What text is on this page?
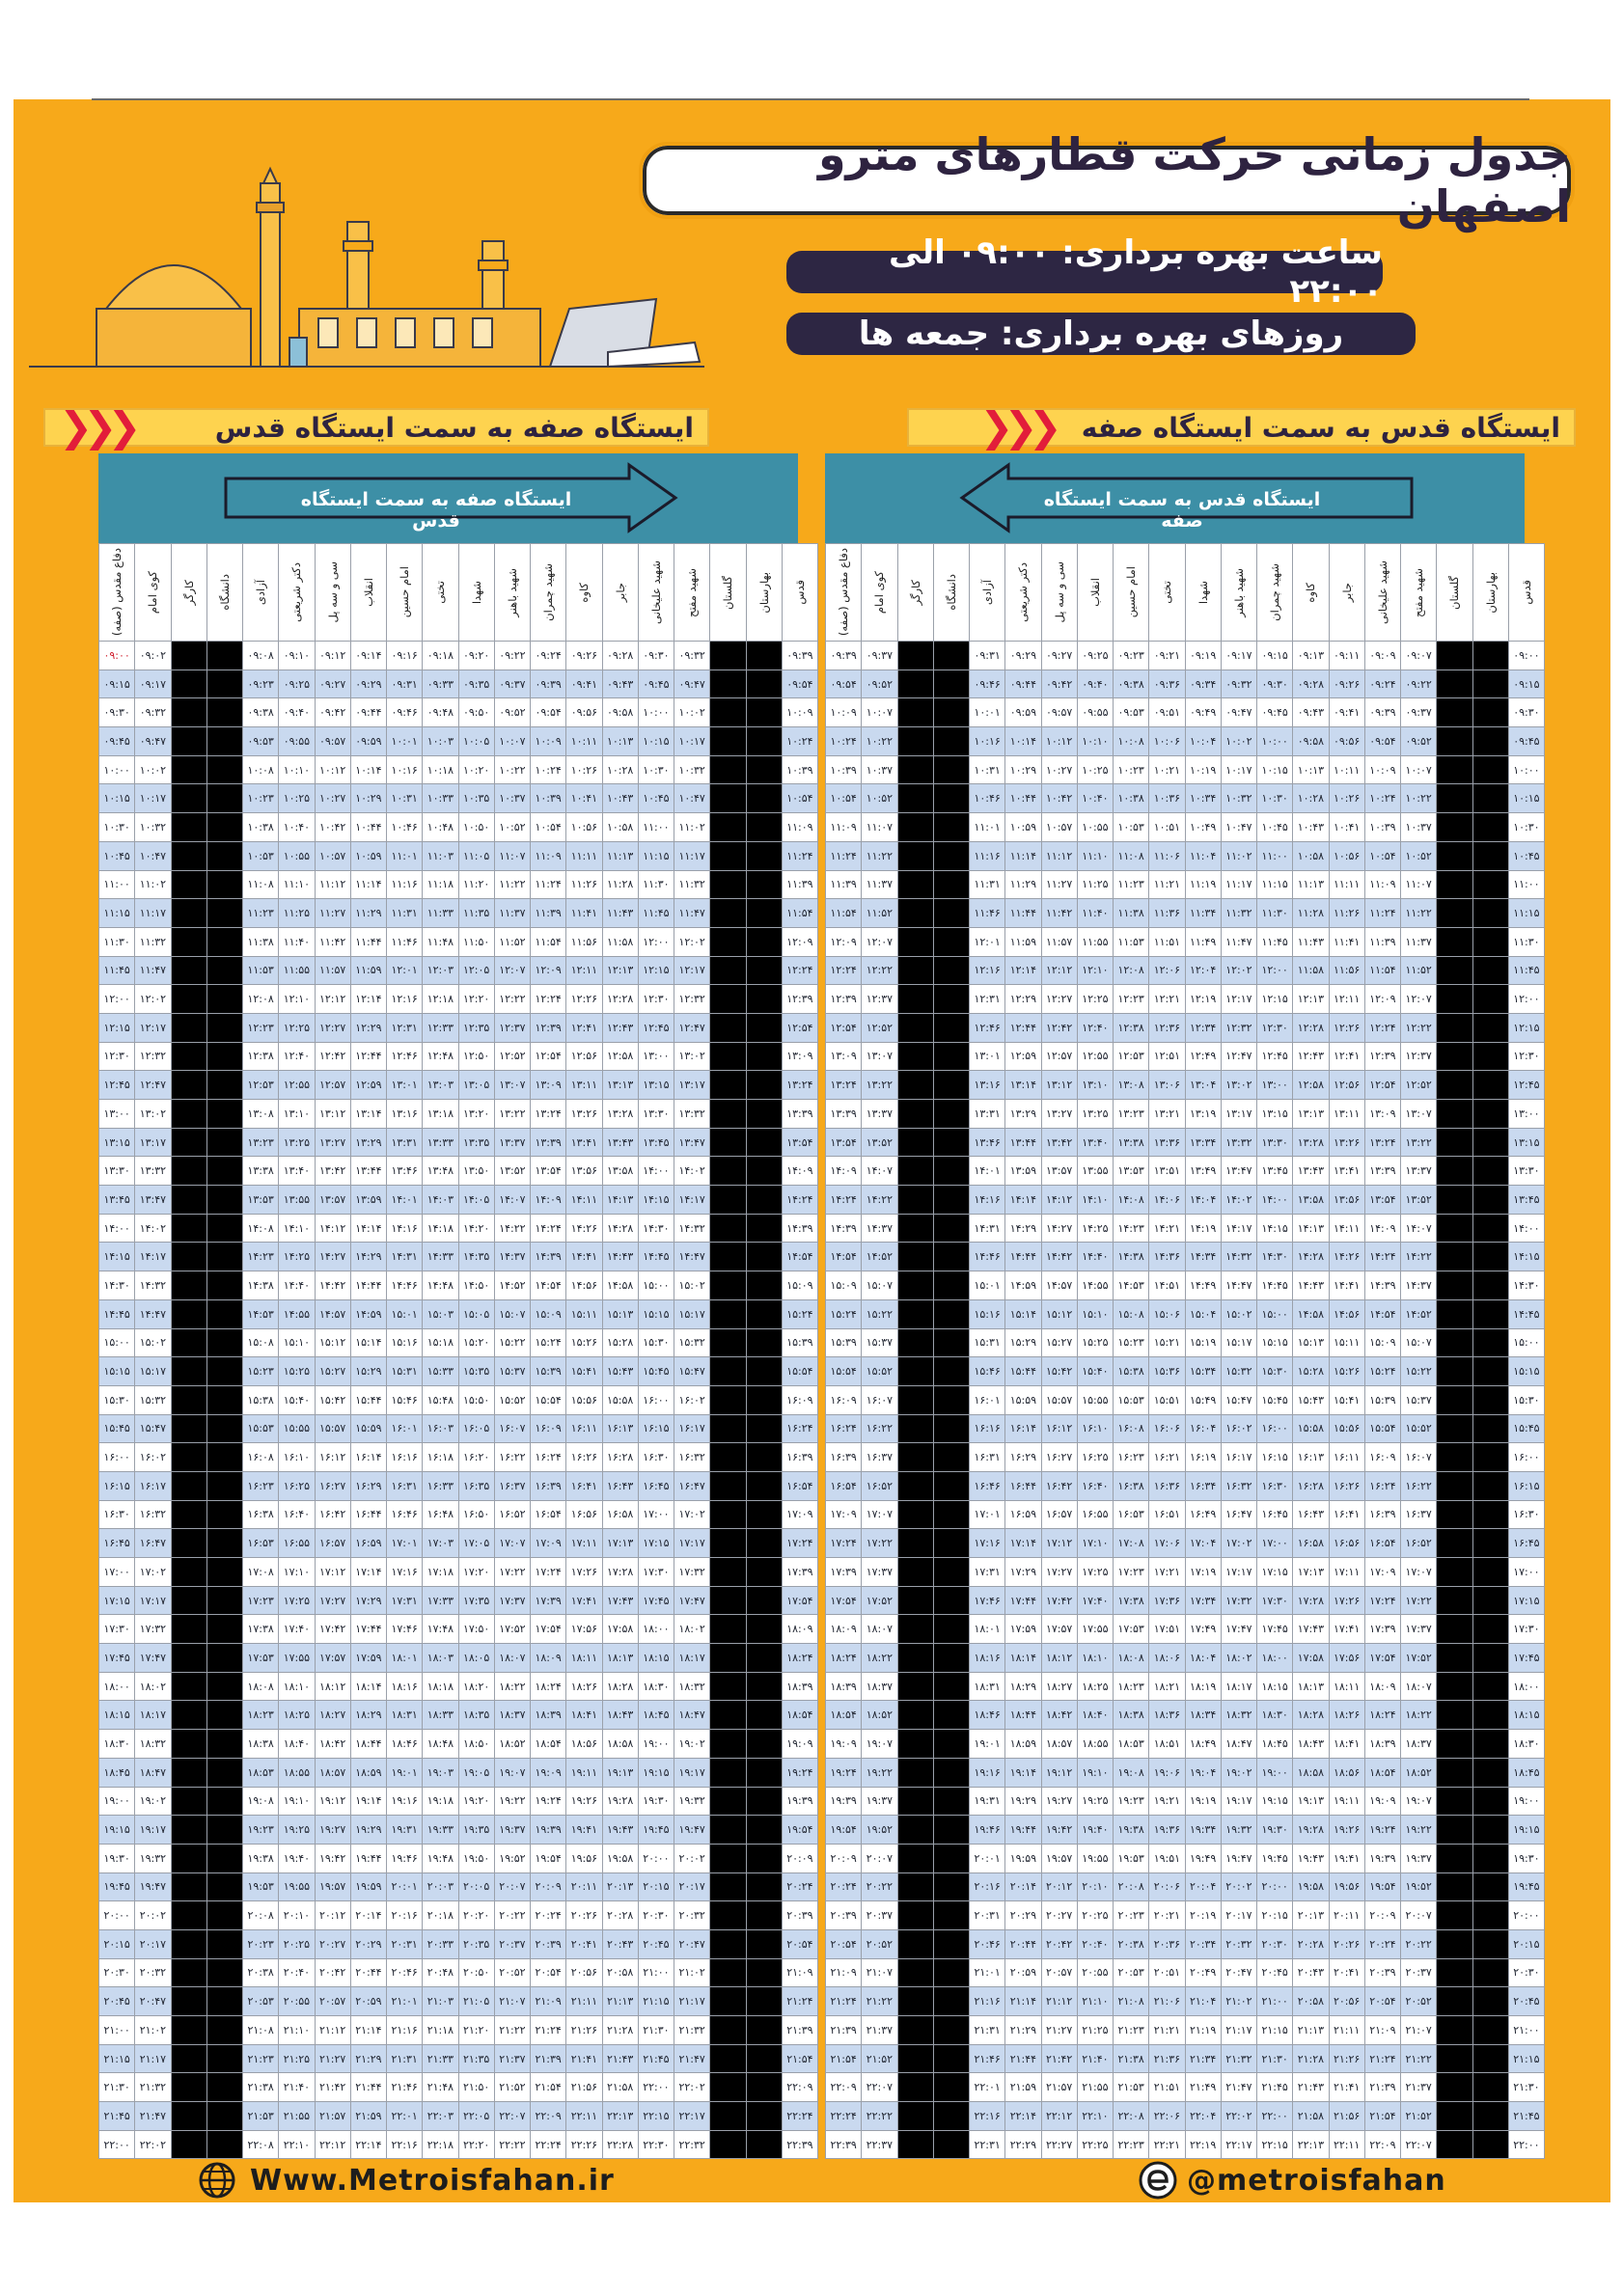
جدول زمانی حرکت قطارهای مترو اصفهان
ساعت بهره برداری: ۰۹:۰۰ الی ۲۲:۰۰
روزهای بهره برداری: جمعه ها
ایستگاه صفه به سمت ایستگاه قدس
❮❮❮	ایستگاه قدس به سمت ایستگاه صفه
❮❮❮
ایستگاه صفه به سمت ایستگاه قدس
دفاع مقدس (صفه)	کوی امام	کارگر	دانشگاه	آزادی	دکتر شریعتی	سی و سه پل	انقلاب	امام حسین	تختی	شهدا	شهید باهنر	شهید چمران	کاوه	جابر	شهید علیخانی	شهید مفتح	گلستان	بهارستان	قدس

۰۹:۰۰	۰۹:۰۲			۰۹:۰۸	۰۹:۱۰	۰۹:۱۲	۰۹:۱۴	۰۹:۱۶	۰۹:۱۸	۰۹:۲۰	۰۹:۲۲	۰۹:۲۴	۰۹:۲۶	۰۹:۲۸	۰۹:۳۰	۰۹:۳۲			۰۹:۳۹
۰۹:۱۵	۰۹:۱۷			۰۹:۲۳	۰۹:۲۵	۰۹:۲۷	۰۹:۲۹	۰۹:۳۱	۰۹:۳۳	۰۹:۳۵	۰۹:۳۷	۰۹:۳۹	۰۹:۴۱	۰۹:۴۳	۰۹:۴۵	۰۹:۴۷			۰۹:۵۴
۰۹:۳۰	۰۹:۳۲			۰۹:۳۸	۰۹:۴۰	۰۹:۴۲	۰۹:۴۴	۰۹:۴۶	۰۹:۴۸	۰۹:۵۰	۰۹:۵۲	۰۹:۵۴	۰۹:۵۶	۰۹:۵۸	۱۰:۰۰	۱۰:۰۲			۱۰:۰۹
۰۹:۴۵	۰۹:۴۷			۰۹:۵۳	۰۹:۵۵	۰۹:۵۷	۰۹:۵۹	۱۰:۰۱	۱۰:۰۳	۱۰:۰۵	۱۰:۰۷	۱۰:۰۹	۱۰:۱۱	۱۰:۱۳	۱۰:۱۵	۱۰:۱۷			۱۰:۲۴
۱۰:۰۰	۱۰:۰۲			۱۰:۰۸	۱۰:۱۰	۱۰:۱۲	۱۰:۱۴	۱۰:۱۶	۱۰:۱۸	۱۰:۲۰	۱۰:۲۲	۱۰:۲۴	۱۰:۲۶	۱۰:۲۸	۱۰:۳۰	۱۰:۳۲			۱۰:۳۹
۱۰:۱۵	۱۰:۱۷			۱۰:۲۳	۱۰:۲۵	۱۰:۲۷	۱۰:۲۹	۱۰:۳۱	۱۰:۳۳	۱۰:۳۵	۱۰:۳۷	۱۰:۳۹	۱۰:۴۱	۱۰:۴۳	۱۰:۴۵	۱۰:۴۷			۱۰:۵۴
۱۰:۳۰	۱۰:۳۲			۱۰:۳۸	۱۰:۴۰	۱۰:۴۲	۱۰:۴۴	۱۰:۴۶	۱۰:۴۸	۱۰:۵۰	۱۰:۵۲	۱۰:۵۴	۱۰:۵۶	۱۰:۵۸	۱۱:۰۰	۱۱:۰۲			۱۱:۰۹
۱۰:۴۵	۱۰:۴۷			۱۰:۵۳	۱۰:۵۵	۱۰:۵۷	۱۰:۵۹	۱۱:۰۱	۱۱:۰۳	۱۱:۰۵	۱۱:۰۷	۱۱:۰۹	۱۱:۱۱	۱۱:۱۳	۱۱:۱۵	۱۱:۱۷			۱۱:۲۴
۱۱:۰۰	۱۱:۰۲			۱۱:۰۸	۱۱:۱۰	۱۱:۱۲	۱۱:۱۴	۱۱:۱۶	۱۱:۱۸	۱۱:۲۰	۱۱:۲۲	۱۱:۲۴	۱۱:۲۶	۱۱:۲۸	۱۱:۳۰	۱۱:۳۲			۱۱:۳۹
۱۱:۱۵	۱۱:۱۷			۱۱:۲۳	۱۱:۲۵	۱۱:۲۷	۱۱:۲۹	۱۱:۳۱	۱۱:۳۳	۱۱:۳۵	۱۱:۳۷	۱۱:۳۹	۱۱:۴۱	۱۱:۴۳	۱۱:۴۵	۱۱:۴۷			۱۱:۵۴
۱۱:۳۰	۱۱:۳۲			۱۱:۳۸	۱۱:۴۰	۱۱:۴۲	۱۱:۴۴	۱۱:۴۶	۱۱:۴۸	۱۱:۵۰	۱۱:۵۲	۱۱:۵۴	۱۱:۵۶	۱۱:۵۸	۱۲:۰۰	۱۲:۰۲			۱۲:۰۹
۱۱:۴۵	۱۱:۴۷			۱۱:۵۳	۱۱:۵۵	۱۱:۵۷	۱۱:۵۹	۱۲:۰۱	۱۲:۰۳	۱۲:۰۵	۱۲:۰۷	۱۲:۰۹	۱۲:۱۱	۱۲:۱۳	۱۲:۱۵	۱۲:۱۷			۱۲:۲۴
۱۲:۰۰	۱۲:۰۲			۱۲:۰۸	۱۲:۱۰	۱۲:۱۲	۱۲:۱۴	۱۲:۱۶	۱۲:۱۸	۱۲:۲۰	۱۲:۲۲	۱۲:۲۴	۱۲:۲۶	۱۲:۲۸	۱۲:۳۰	۱۲:۳۲			۱۲:۳۹
۱۲:۱۵	۱۲:۱۷			۱۲:۲۳	۱۲:۲۵	۱۲:۲۷	۱۲:۲۹	۱۲:۳۱	۱۲:۳۳	۱۲:۳۵	۱۲:۳۷	۱۲:۳۹	۱۲:۴۱	۱۲:۴۳	۱۲:۴۵	۱۲:۴۷			۱۲:۵۴
۱۲:۳۰	۱۲:۳۲			۱۲:۳۸	۱۲:۴۰	۱۲:۴۲	۱۲:۴۴	۱۲:۴۶	۱۲:۴۸	۱۲:۵۰	۱۲:۵۲	۱۲:۵۴	۱۲:۵۶	۱۲:۵۸	۱۳:۰۰	۱۳:۰۲			۱۳:۰۹
۱۲:۴۵	۱۲:۴۷			۱۲:۵۳	۱۲:۵۵	۱۲:۵۷	۱۲:۵۹	۱۳:۰۱	۱۳:۰۳	۱۳:۰۵	۱۳:۰۷	۱۳:۰۹	۱۳:۱۱	۱۳:۱۳	۱۳:۱۵	۱۳:۱۷			۱۳:۲۴
۱۳:۰۰	۱۳:۰۲			۱۳:۰۸	۱۳:۱۰	۱۳:۱۲	۱۳:۱۴	۱۳:۱۶	۱۳:۱۸	۱۳:۲۰	۱۳:۲۲	۱۳:۲۴	۱۳:۲۶	۱۳:۲۸	۱۳:۳۰	۱۳:۳۲			۱۳:۳۹
۱۳:۱۵	۱۳:۱۷			۱۳:۲۳	۱۳:۲۵	۱۳:۲۷	۱۳:۲۹	۱۳:۳۱	۱۳:۳۳	۱۳:۳۵	۱۳:۳۷	۱۳:۳۹	۱۳:۴۱	۱۳:۴۳	۱۳:۴۵	۱۳:۴۷			۱۳:۵۴
۱۳:۳۰	۱۳:۳۲			۱۳:۳۸	۱۳:۴۰	۱۳:۴۲	۱۳:۴۴	۱۳:۴۶	۱۳:۴۸	۱۳:۵۰	۱۳:۵۲	۱۳:۵۴	۱۳:۵۶	۱۳:۵۸	۱۴:۰۰	۱۴:۰۲			۱۴:۰۹
۱۳:۴۵	۱۳:۴۷			۱۳:۵۳	۱۳:۵۵	۱۳:۵۷	۱۳:۵۹	۱۴:۰۱	۱۴:۰۳	۱۴:۰۵	۱۴:۰۷	۱۴:۰۹	۱۴:۱۱	۱۴:۱۳	۱۴:۱۵	۱۴:۱۷			۱۴:۲۴
۱۴:۰۰	۱۴:۰۲			۱۴:۰۸	۱۴:۱۰	۱۴:۱۲	۱۴:۱۴	۱۴:۱۶	۱۴:۱۸	۱۴:۲۰	۱۴:۲۲	۱۴:۲۴	۱۴:۲۶	۱۴:۲۸	۱۴:۳۰	۱۴:۳۲			۱۴:۳۹
۱۴:۱۵	۱۴:۱۷			۱۴:۲۳	۱۴:۲۵	۱۴:۲۷	۱۴:۲۹	۱۴:۳۱	۱۴:۳۳	۱۴:۳۵	۱۴:۳۷	۱۴:۳۹	۱۴:۴۱	۱۴:۴۳	۱۴:۴۵	۱۴:۴۷			۱۴:۵۴
۱۴:۳۰	۱۴:۳۲			۱۴:۳۸	۱۴:۴۰	۱۴:۴۲	۱۴:۴۴	۱۴:۴۶	۱۴:۴۸	۱۴:۵۰	۱۴:۵۲	۱۴:۵۴	۱۴:۵۶	۱۴:۵۸	۱۵:۰۰	۱۵:۰۲			۱۵:۰۹
۱۴:۴۵	۱۴:۴۷			۱۴:۵۳	۱۴:۵۵	۱۴:۵۷	۱۴:۵۹	۱۵:۰۱	۱۵:۰۳	۱۵:۰۵	۱۵:۰۷	۱۵:۰۹	۱۵:۱۱	۱۵:۱۳	۱۵:۱۵	۱۵:۱۷			۱۵:۲۴
۱۵:۰۰	۱۵:۰۲			۱۵:۰۸	۱۵:۱۰	۱۵:۱۲	۱۵:۱۴	۱۵:۱۶	۱۵:۱۸	۱۵:۲۰	۱۵:۲۲	۱۵:۲۴	۱۵:۲۶	۱۵:۲۸	۱۵:۳۰	۱۵:۳۲			۱۵:۳۹
۱۵:۱۵	۱۵:۱۷			۱۵:۲۳	۱۵:۲۵	۱۵:۲۷	۱۵:۲۹	۱۵:۳۱	۱۵:۳۳	۱۵:۳۵	۱۵:۳۷	۱۵:۳۹	۱۵:۴۱	۱۵:۴۳	۱۵:۴۵	۱۵:۴۷			۱۵:۵۴
۱۵:۳۰	۱۵:۳۲			۱۵:۳۸	۱۵:۴۰	۱۵:۴۲	۱۵:۴۴	۱۵:۴۶	۱۵:۴۸	۱۵:۵۰	۱۵:۵۲	۱۵:۵۴	۱۵:۵۶	۱۵:۵۸	۱۶:۰۰	۱۶:۰۲			۱۶:۰۹
۱۵:۴۵	۱۵:۴۷			۱۵:۵۳	۱۵:۵۵	۱۵:۵۷	۱۵:۵۹	۱۶:۰۱	۱۶:۰۳	۱۶:۰۵	۱۶:۰۷	۱۶:۰۹	۱۶:۱۱	۱۶:۱۳	۱۶:۱۵	۱۶:۱۷			۱۶:۲۴
۱۶:۰۰	۱۶:۰۲			۱۶:۰۸	۱۶:۱۰	۱۶:۱۲	۱۶:۱۴	۱۶:۱۶	۱۶:۱۸	۱۶:۲۰	۱۶:۲۲	۱۶:۲۴	۱۶:۲۶	۱۶:۲۸	۱۶:۳۰	۱۶:۳۲			۱۶:۳۹
۱۶:۱۵	۱۶:۱۷			۱۶:۲۳	۱۶:۲۵	۱۶:۲۷	۱۶:۲۹	۱۶:۳۱	۱۶:۳۳	۱۶:۳۵	۱۶:۳۷	۱۶:۳۹	۱۶:۴۱	۱۶:۴۳	۱۶:۴۵	۱۶:۴۷			۱۶:۵۴
۱۶:۳۰	۱۶:۳۲			۱۶:۳۸	۱۶:۴۰	۱۶:۴۲	۱۶:۴۴	۱۶:۴۶	۱۶:۴۸	۱۶:۵۰	۱۶:۵۲	۱۶:۵۴	۱۶:۵۶	۱۶:۵۸	۱۷:۰۰	۱۷:۰۲			۱۷:۰۹
۱۶:۴۵	۱۶:۴۷			۱۶:۵۳	۱۶:۵۵	۱۶:۵۷	۱۶:۵۹	۱۷:۰۱	۱۷:۰۳	۱۷:۰۵	۱۷:۰۷	۱۷:۰۹	۱۷:۱۱	۱۷:۱۳	۱۷:۱۵	۱۷:۱۷			۱۷:۲۴
۱۷:۰۰	۱۷:۰۲			۱۷:۰۸	۱۷:۱۰	۱۷:۱۲	۱۷:۱۴	۱۷:۱۶	۱۷:۱۸	۱۷:۲۰	۱۷:۲۲	۱۷:۲۴	۱۷:۲۶	۱۷:۲۸	۱۷:۳۰	۱۷:۳۲			۱۷:۳۹
۱۷:۱۵	۱۷:۱۷			۱۷:۲۳	۱۷:۲۵	۱۷:۲۷	۱۷:۲۹	۱۷:۳۱	۱۷:۳۳	۱۷:۳۵	۱۷:۳۷	۱۷:۳۹	۱۷:۴۱	۱۷:۴۳	۱۷:۴۵	۱۷:۴۷			۱۷:۵۴
۱۷:۳۰	۱۷:۳۲			۱۷:۳۸	۱۷:۴۰	۱۷:۴۲	۱۷:۴۴	۱۷:۴۶	۱۷:۴۸	۱۷:۵۰	۱۷:۵۲	۱۷:۵۴	۱۷:۵۶	۱۷:۵۸	۱۸:۰۰	۱۸:۰۲			۱۸:۰۹
۱۷:۴۵	۱۷:۴۷			۱۷:۵۳	۱۷:۵۵	۱۷:۵۷	۱۷:۵۹	۱۸:۰۱	۱۸:۰۳	۱۸:۰۵	۱۸:۰۷	۱۸:۰۹	۱۸:۱۱	۱۸:۱۳	۱۸:۱۵	۱۸:۱۷			۱۸:۲۴
۱۸:۰۰	۱۸:۰۲			۱۸:۰۸	۱۸:۱۰	۱۸:۱۲	۱۸:۱۴	۱۸:۱۶	۱۸:۱۸	۱۸:۲۰	۱۸:۲۲	۱۸:۲۴	۱۸:۲۶	۱۸:۲۸	۱۸:۳۰	۱۸:۳۲			۱۸:۳۹
۱۸:۱۵	۱۸:۱۷			۱۸:۲۳	۱۸:۲۵	۱۸:۲۷	۱۸:۲۹	۱۸:۳۱	۱۸:۳۳	۱۸:۳۵	۱۸:۳۷	۱۸:۳۹	۱۸:۴۱	۱۸:۴۳	۱۸:۴۵	۱۸:۴۷			۱۸:۵۴
۱۸:۳۰	۱۸:۳۲			۱۸:۳۸	۱۸:۴۰	۱۸:۴۲	۱۸:۴۴	۱۸:۴۶	۱۸:۴۸	۱۸:۵۰	۱۸:۵۲	۱۸:۵۴	۱۸:۵۶	۱۸:۵۸	۱۹:۰۰	۱۹:۰۲			۱۹:۰۹
۱۸:۴۵	۱۸:۴۷			۱۸:۵۳	۱۸:۵۵	۱۸:۵۷	۱۸:۵۹	۱۹:۰۱	۱۹:۰۳	۱۹:۰۵	۱۹:۰۷	۱۹:۰۹	۱۹:۱۱	۱۹:۱۳	۱۹:۱۵	۱۹:۱۷			۱۹:۲۴
۱۹:۰۰	۱۹:۰۲			۱۹:۰۸	۱۹:۱۰	۱۹:۱۲	۱۹:۱۴	۱۹:۱۶	۱۹:۱۸	۱۹:۲۰	۱۹:۲۲	۱۹:۲۴	۱۹:۲۶	۱۹:۲۸	۱۹:۳۰	۱۹:۳۲			۱۹:۳۹
۱۹:۱۵	۱۹:۱۷			۱۹:۲۳	۱۹:۲۵	۱۹:۲۷	۱۹:۲۹	۱۹:۳۱	۱۹:۳۳	۱۹:۳۵	۱۹:۳۷	۱۹:۳۹	۱۹:۴۱	۱۹:۴۳	۱۹:۴۵	۱۹:۴۷			۱۹:۵۴
۱۹:۳۰	۱۹:۳۲			۱۹:۳۸	۱۹:۴۰	۱۹:۴۲	۱۹:۴۴	۱۹:۴۶	۱۹:۴۸	۱۹:۵۰	۱۹:۵۲	۱۹:۵۴	۱۹:۵۶	۱۹:۵۸	۲۰:۰۰	۲۰:۰۲			۲۰:۰۹
۱۹:۴۵	۱۹:۴۷			۱۹:۵۳	۱۹:۵۵	۱۹:۵۷	۱۹:۵۹	۲۰:۰۱	۲۰:۰۳	۲۰:۰۵	۲۰:۰۷	۲۰:۰۹	۲۰:۱۱	۲۰:۱۳	۲۰:۱۵	۲۰:۱۷			۲۰:۲۴
۲۰:۰۰	۲۰:۰۲			۲۰:۰۸	۲۰:۱۰	۲۰:۱۲	۲۰:۱۴	۲۰:۱۶	۲۰:۱۸	۲۰:۲۰	۲۰:۲۲	۲۰:۲۴	۲۰:۲۶	۲۰:۲۸	۲۰:۳۰	۲۰:۳۲			۲۰:۳۹
۲۰:۱۵	۲۰:۱۷			۲۰:۲۳	۲۰:۲۵	۲۰:۲۷	۲۰:۲۹	۲۰:۳۱	۲۰:۳۳	۲۰:۳۵	۲۰:۳۷	۲۰:۳۹	۲۰:۴۱	۲۰:۴۳	۲۰:۴۵	۲۰:۴۷			۲۰:۵۴
۲۰:۳۰	۲۰:۳۲			۲۰:۳۸	۲۰:۴۰	۲۰:۴۲	۲۰:۴۴	۲۰:۴۶	۲۰:۴۸	۲۰:۵۰	۲۰:۵۲	۲۰:۵۴	۲۰:۵۶	۲۰:۵۸	۲۱:۰۰	۲۱:۰۲			۲۱:۰۹
۲۰:۴۵	۲۰:۴۷			۲۰:۵۳	۲۰:۵۵	۲۰:۵۷	۲۰:۵۹	۲۱:۰۱	۲۱:۰۳	۲۱:۰۵	۲۱:۰۷	۲۱:۰۹	۲۱:۱۱	۲۱:۱۳	۲۱:۱۵	۲۱:۱۷			۲۱:۲۴
۲۱:۰۰	۲۱:۰۲			۲۱:۰۸	۲۱:۱۰	۲۱:۱۲	۲۱:۱۴	۲۱:۱۶	۲۱:۱۸	۲۱:۲۰	۲۱:۲۲	۲۱:۲۴	۲۱:۲۶	۲۱:۲۸	۲۱:۳۰	۲۱:۳۲			۲۱:۳۹
۲۱:۱۵	۲۱:۱۷			۲۱:۲۳	۲۱:۲۵	۲۱:۲۷	۲۱:۲۹	۲۱:۳۱	۲۱:۳۳	۲۱:۳۵	۲۱:۳۷	۲۱:۳۹	۲۱:۴۱	۲۱:۴۳	۲۱:۴۵	۲۱:۴۷			۲۱:۵۴
۲۱:۳۰	۲۱:۳۲			۲۱:۳۸	۲۱:۴۰	۲۱:۴۲	۲۱:۴۴	۲۱:۴۶	۲۱:۴۸	۲۱:۵۰	۲۱:۵۲	۲۱:۵۴	۲۱:۵۶	۲۱:۵۸	۲۲:۰۰	۲۲:۰۲			۲۲:۰۹
۲۱:۴۵	۲۱:۴۷			۲۱:۵۳	۲۱:۵۵	۲۱:۵۷	۲۱:۵۹	۲۲:۰۱	۲۲:۰۳	۲۲:۰۵	۲۲:۰۷	۲۲:۰۹	۲۲:۱۱	۲۲:۱۳	۲۲:۱۵	۲۲:۱۷			۲۲:۲۴
۲۲:۰۰	۲۲:۰۲			۲۲:۰۸	۲۲:۱۰	۲۲:۱۲	۲۲:۱۴	۲۲:۱۶	۲۲:۱۸	۲۲:۲۰	۲۲:۲۲	۲۲:۲۴	۲۲:۲۶	۲۲:۲۸	۲۲:۳۰	۲۲:۳۲			۲۲:۳۹
ایستگاه قدس به سمت ایستگاه صفه
دفاع مقدس (صفه)	کوی امام	کارگر	دانشگاه	آزادی	دکتر شریعتی	سی و سه پل	انقلاب	امام حسین	تختی	شهدا	شهید باهنر	شهید چمران	کاوه	جابر	شهید علیخانی	شهید مفتح	گلستان	بهارستان	قدس

۰۹:۳۹	۰۹:۳۷			۰۹:۳۱	۰۹:۲۹	۰۹:۲۷	۰۹:۲۵	۰۹:۲۳	۰۹:۲۱	۰۹:۱۹	۰۹:۱۷	۰۹:۱۵	۰۹:۱۳	۰۹:۱۱	۰۹:۰۹	۰۹:۰۷			۰۹:۰۰
۰۹:۵۴	۰۹:۵۲			۰۹:۴۶	۰۹:۴۴	۰۹:۴۲	۰۹:۴۰	۰۹:۳۸	۰۹:۳۶	۰۹:۳۴	۰۹:۳۲	۰۹:۳۰	۰۹:۲۸	۰۹:۲۶	۰۹:۲۴	۰۹:۲۲			۰۹:۱۵
۱۰:۰۹	۱۰:۰۷			۱۰:۰۱	۰۹:۵۹	۰۹:۵۷	۰۹:۵۵	۰۹:۵۳	۰۹:۵۱	۰۹:۴۹	۰۹:۴۷	۰۹:۴۵	۰۹:۴۳	۰۹:۴۱	۰۹:۳۹	۰۹:۳۷			۰۹:۳۰
۱۰:۲۴	۱۰:۲۲			۱۰:۱۶	۱۰:۱۴	۱۰:۱۲	۱۰:۱۰	۱۰:۰۸	۱۰:۰۶	۱۰:۰۴	۱۰:۰۲	۱۰:۰۰	۰۹:۵۸	۰۹:۵۶	۰۹:۵۴	۰۹:۵۲			۰۹:۴۵
۱۰:۳۹	۱۰:۳۷			۱۰:۳۱	۱۰:۲۹	۱۰:۲۷	۱۰:۲۵	۱۰:۲۳	۱۰:۲۱	۱۰:۱۹	۱۰:۱۷	۱۰:۱۵	۱۰:۱۳	۱۰:۱۱	۱۰:۰۹	۱۰:۰۷			۱۰:۰۰
۱۰:۵۴	۱۰:۵۲			۱۰:۴۶	۱۰:۴۴	۱۰:۴۲	۱۰:۴۰	۱۰:۳۸	۱۰:۳۶	۱۰:۳۴	۱۰:۳۲	۱۰:۳۰	۱۰:۲۸	۱۰:۲۶	۱۰:۲۴	۱۰:۲۲			۱۰:۱۵
۱۱:۰۹	۱۱:۰۷			۱۱:۰۱	۱۰:۵۹	۱۰:۵۷	۱۰:۵۵	۱۰:۵۳	۱۰:۵۱	۱۰:۴۹	۱۰:۴۷	۱۰:۴۵	۱۰:۴۳	۱۰:۴۱	۱۰:۳۹	۱۰:۳۷			۱۰:۳۰
۱۱:۲۴	۱۱:۲۲			۱۱:۱۶	۱۱:۱۴	۱۱:۱۲	۱۱:۱۰	۱۱:۰۸	۱۱:۰۶	۱۱:۰۴	۱۱:۰۲	۱۱:۰۰	۱۰:۵۸	۱۰:۵۶	۱۰:۵۴	۱۰:۵۲			۱۰:۴۵
۱۱:۳۹	۱۱:۳۷			۱۱:۳۱	۱۱:۲۹	۱۱:۲۷	۱۱:۲۵	۱۱:۲۳	۱۱:۲۱	۱۱:۱۹	۱۱:۱۷	۱۱:۱۵	۱۱:۱۳	۱۱:۱۱	۱۱:۰۹	۱۱:۰۷			۱۱:۰۰
۱۱:۵۴	۱۱:۵۲			۱۱:۴۶	۱۱:۴۴	۱۱:۴۲	۱۱:۴۰	۱۱:۳۸	۱۱:۳۶	۱۱:۳۴	۱۱:۳۲	۱۱:۳۰	۱۱:۲۸	۱۱:۲۶	۱۱:۲۴	۱۱:۲۲			۱۱:۱۵
۱۲:۰۹	۱۲:۰۷			۱۲:۰۱	۱۱:۵۹	۱۱:۵۷	۱۱:۵۵	۱۱:۵۳	۱۱:۵۱	۱۱:۴۹	۱۱:۴۷	۱۱:۴۵	۱۱:۴۳	۱۱:۴۱	۱۱:۳۹	۱۱:۳۷			۱۱:۳۰
۱۲:۲۴	۱۲:۲۲			۱۲:۱۶	۱۲:۱۴	۱۲:۱۲	۱۲:۱۰	۱۲:۰۸	۱۲:۰۶	۱۲:۰۴	۱۲:۰۲	۱۲:۰۰	۱۱:۵۸	۱۱:۵۶	۱۱:۵۴	۱۱:۵۲			۱۱:۴۵
۱۲:۳۹	۱۲:۳۷			۱۲:۳۱	۱۲:۲۹	۱۲:۲۷	۱۲:۲۵	۱۲:۲۳	۱۲:۲۱	۱۲:۱۹	۱۲:۱۷	۱۲:۱۵	۱۲:۱۳	۱۲:۱۱	۱۲:۰۹	۱۲:۰۷			۱۲:۰۰
۱۲:۵۴	۱۲:۵۲			۱۲:۴۶	۱۲:۴۴	۱۲:۴۲	۱۲:۴۰	۱۲:۳۸	۱۲:۳۶	۱۲:۳۴	۱۲:۳۲	۱۲:۳۰	۱۲:۲۸	۱۲:۲۶	۱۲:۲۴	۱۲:۲۲			۱۲:۱۵
۱۳:۰۹	۱۳:۰۷			۱۳:۰۱	۱۲:۵۹	۱۲:۵۷	۱۲:۵۵	۱۲:۵۳	۱۲:۵۱	۱۲:۴۹	۱۲:۴۷	۱۲:۴۵	۱۲:۴۳	۱۲:۴۱	۱۲:۳۹	۱۲:۳۷			۱۲:۳۰
۱۳:۲۴	۱۳:۲۲			۱۳:۱۶	۱۳:۱۴	۱۳:۱۲	۱۳:۱۰	۱۳:۰۸	۱۳:۰۶	۱۳:۰۴	۱۳:۰۲	۱۳:۰۰	۱۲:۵۸	۱۲:۵۶	۱۲:۵۴	۱۲:۵۲			۱۲:۴۵
۱۳:۳۹	۱۳:۳۷			۱۳:۳۱	۱۳:۲۹	۱۳:۲۷	۱۳:۲۵	۱۳:۲۳	۱۳:۲۱	۱۳:۱۹	۱۳:۱۷	۱۳:۱۵	۱۳:۱۳	۱۳:۱۱	۱۳:۰۹	۱۳:۰۷			۱۳:۰۰
۱۳:۵۴	۱۳:۵۲			۱۳:۴۶	۱۳:۴۴	۱۳:۴۲	۱۳:۴۰	۱۳:۳۸	۱۳:۳۶	۱۳:۳۴	۱۳:۳۲	۱۳:۳۰	۱۳:۲۸	۱۳:۲۶	۱۳:۲۴	۱۳:۲۲			۱۳:۱۵
۱۴:۰۹	۱۴:۰۷			۱۴:۰۱	۱۳:۵۹	۱۳:۵۷	۱۳:۵۵	۱۳:۵۳	۱۳:۵۱	۱۳:۴۹	۱۳:۴۷	۱۳:۴۵	۱۳:۴۳	۱۳:۴۱	۱۳:۳۹	۱۳:۳۷			۱۳:۳۰
۱۴:۲۴	۱۴:۲۲			۱۴:۱۶	۱۴:۱۴	۱۴:۱۲	۱۴:۱۰	۱۴:۰۸	۱۴:۰۶	۱۴:۰۴	۱۴:۰۲	۱۴:۰۰	۱۳:۵۸	۱۳:۵۶	۱۳:۵۴	۱۳:۵۲			۱۳:۴۵
۱۴:۳۹	۱۴:۳۷			۱۴:۳۱	۱۴:۲۹	۱۴:۲۷	۱۴:۲۵	۱۴:۲۳	۱۴:۲۱	۱۴:۱۹	۱۴:۱۷	۱۴:۱۵	۱۴:۱۳	۱۴:۱۱	۱۴:۰۹	۱۴:۰۷			۱۴:۰۰
۱۴:۵۴	۱۴:۵۲			۱۴:۴۶	۱۴:۴۴	۱۴:۴۲	۱۴:۴۰	۱۴:۳۸	۱۴:۳۶	۱۴:۳۴	۱۴:۳۲	۱۴:۳۰	۱۴:۲۸	۱۴:۲۶	۱۴:۲۴	۱۴:۲۲			۱۴:۱۵
۱۵:۰۹	۱۵:۰۷			۱۵:۰۱	۱۴:۵۹	۱۴:۵۷	۱۴:۵۵	۱۴:۵۳	۱۴:۵۱	۱۴:۴۹	۱۴:۴۷	۱۴:۴۵	۱۴:۴۳	۱۴:۴۱	۱۴:۳۹	۱۴:۳۷			۱۴:۳۰
۱۵:۲۴	۱۵:۲۲			۱۵:۱۶	۱۵:۱۴	۱۵:۱۲	۱۵:۱۰	۱۵:۰۸	۱۵:۰۶	۱۵:۰۴	۱۵:۰۲	۱۵:۰۰	۱۴:۵۸	۱۴:۵۶	۱۴:۵۴	۱۴:۵۲			۱۴:۴۵
۱۵:۳۹	۱۵:۳۷			۱۵:۳۱	۱۵:۲۹	۱۵:۲۷	۱۵:۲۵	۱۵:۲۳	۱۵:۲۱	۱۵:۱۹	۱۵:۱۷	۱۵:۱۵	۱۵:۱۳	۱۵:۱۱	۱۵:۰۹	۱۵:۰۷			۱۵:۰۰
۱۵:۵۴	۱۵:۵۲			۱۵:۴۶	۱۵:۴۴	۱۵:۴۲	۱۵:۴۰	۱۵:۳۸	۱۵:۳۶	۱۵:۳۴	۱۵:۳۲	۱۵:۳۰	۱۵:۲۸	۱۵:۲۶	۱۵:۲۴	۱۵:۲۲			۱۵:۱۵
۱۶:۰۹	۱۶:۰۷			۱۶:۰۱	۱۵:۵۹	۱۵:۵۷	۱۵:۵۵	۱۵:۵۳	۱۵:۵۱	۱۵:۴۹	۱۵:۴۷	۱۵:۴۵	۱۵:۴۳	۱۵:۴۱	۱۵:۳۹	۱۵:۳۷			۱۵:۳۰
۱۶:۲۴	۱۶:۲۲			۱۶:۱۶	۱۶:۱۴	۱۶:۱۲	۱۶:۱۰	۱۶:۰۸	۱۶:۰۶	۱۶:۰۴	۱۶:۰۲	۱۶:۰۰	۱۵:۵۸	۱۵:۵۶	۱۵:۵۴	۱۵:۵۲			۱۵:۴۵
۱۶:۳۹	۱۶:۳۷			۱۶:۳۱	۱۶:۲۹	۱۶:۲۷	۱۶:۲۵	۱۶:۲۳	۱۶:۲۱	۱۶:۱۹	۱۶:۱۷	۱۶:۱۵	۱۶:۱۳	۱۶:۱۱	۱۶:۰۹	۱۶:۰۷			۱۶:۰۰
۱۶:۵۴	۱۶:۵۲			۱۶:۴۶	۱۶:۴۴	۱۶:۴۲	۱۶:۴۰	۱۶:۳۸	۱۶:۳۶	۱۶:۳۴	۱۶:۳۲	۱۶:۳۰	۱۶:۲۸	۱۶:۲۶	۱۶:۲۴	۱۶:۲۲			۱۶:۱۵
۱۷:۰۹	۱۷:۰۷			۱۷:۰۱	۱۶:۵۹	۱۶:۵۷	۱۶:۵۵	۱۶:۵۳	۱۶:۵۱	۱۶:۴۹	۱۶:۴۷	۱۶:۴۵	۱۶:۴۳	۱۶:۴۱	۱۶:۳۹	۱۶:۳۷			۱۶:۳۰
۱۷:۲۴	۱۷:۲۲			۱۷:۱۶	۱۷:۱۴	۱۷:۱۲	۱۷:۱۰	۱۷:۰۸	۱۷:۰۶	۱۷:۰۴	۱۷:۰۲	۱۷:۰۰	۱۶:۵۸	۱۶:۵۶	۱۶:۵۴	۱۶:۵۲			۱۶:۴۵
۱۷:۳۹	۱۷:۳۷			۱۷:۳۱	۱۷:۲۹	۱۷:۲۷	۱۷:۲۵	۱۷:۲۳	۱۷:۲۱	۱۷:۱۹	۱۷:۱۷	۱۷:۱۵	۱۷:۱۳	۱۷:۱۱	۱۷:۰۹	۱۷:۰۷			۱۷:۰۰
۱۷:۵۴	۱۷:۵۲			۱۷:۴۶	۱۷:۴۴	۱۷:۴۲	۱۷:۴۰	۱۷:۳۸	۱۷:۳۶	۱۷:۳۴	۱۷:۳۲	۱۷:۳۰	۱۷:۲۸	۱۷:۲۶	۱۷:۲۴	۱۷:۲۲			۱۷:۱۵
۱۸:۰۹	۱۸:۰۷			۱۸:۰۱	۱۷:۵۹	۱۷:۵۷	۱۷:۵۵	۱۷:۵۳	۱۷:۵۱	۱۷:۴۹	۱۷:۴۷	۱۷:۴۵	۱۷:۴۳	۱۷:۴۱	۱۷:۳۹	۱۷:۳۷			۱۷:۳۰
۱۸:۲۴	۱۸:۲۲			۱۸:۱۶	۱۸:۱۴	۱۸:۱۲	۱۸:۱۰	۱۸:۰۸	۱۸:۰۶	۱۸:۰۴	۱۸:۰۲	۱۸:۰۰	۱۷:۵۸	۱۷:۵۶	۱۷:۵۴	۱۷:۵۲			۱۷:۴۵
۱۸:۳۹	۱۸:۳۷			۱۸:۳۱	۱۸:۲۹	۱۸:۲۷	۱۸:۲۵	۱۸:۲۳	۱۸:۲۱	۱۸:۱۹	۱۸:۱۷	۱۸:۱۵	۱۸:۱۳	۱۸:۱۱	۱۸:۰۹	۱۸:۰۷			۱۸:۰۰
۱۸:۵۴	۱۸:۵۲			۱۸:۴۶	۱۸:۴۴	۱۸:۴۲	۱۸:۴۰	۱۸:۳۸	۱۸:۳۶	۱۸:۳۴	۱۸:۳۲	۱۸:۳۰	۱۸:۲۸	۱۸:۲۶	۱۸:۲۴	۱۸:۲۲			۱۸:۱۵
۱۹:۰۹	۱۹:۰۷			۱۹:۰۱	۱۸:۵۹	۱۸:۵۷	۱۸:۵۵	۱۸:۵۳	۱۸:۵۱	۱۸:۴۹	۱۸:۴۷	۱۸:۴۵	۱۸:۴۳	۱۸:۴۱	۱۸:۳۹	۱۸:۳۷			۱۸:۳۰
۱۹:۲۴	۱۹:۲۲			۱۹:۱۶	۱۹:۱۴	۱۹:۱۲	۱۹:۱۰	۱۹:۰۸	۱۹:۰۶	۱۹:۰۴	۱۹:۰۲	۱۹:۰۰	۱۸:۵۸	۱۸:۵۶	۱۸:۵۴	۱۸:۵۲			۱۸:۴۵
۱۹:۳۹	۱۹:۳۷			۱۹:۳۱	۱۹:۲۹	۱۹:۲۷	۱۹:۲۵	۱۹:۲۳	۱۹:۲۱	۱۹:۱۹	۱۹:۱۷	۱۹:۱۵	۱۹:۱۳	۱۹:۱۱	۱۹:۰۹	۱۹:۰۷			۱۹:۰۰
۱۹:۵۴	۱۹:۵۲			۱۹:۴۶	۱۹:۴۴	۱۹:۴۲	۱۹:۴۰	۱۹:۳۸	۱۹:۳۶	۱۹:۳۴	۱۹:۳۲	۱۹:۳۰	۱۹:۲۸	۱۹:۲۶	۱۹:۲۴	۱۹:۲۲			۱۹:۱۵
۲۰:۰۹	۲۰:۰۷			۲۰:۰۱	۱۹:۵۹	۱۹:۵۷	۱۹:۵۵	۱۹:۵۳	۱۹:۵۱	۱۹:۴۹	۱۹:۴۷	۱۹:۴۵	۱۹:۴۳	۱۹:۴۱	۱۹:۳۹	۱۹:۳۷			۱۹:۳۰
۲۰:۲۴	۲۰:۲۲			۲۰:۱۶	۲۰:۱۴	۲۰:۱۲	۲۰:۱۰	۲۰:۰۸	۲۰:۰۶	۲۰:۰۴	۲۰:۰۲	۲۰:۰۰	۱۹:۵۸	۱۹:۵۶	۱۹:۵۴	۱۹:۵۲			۱۹:۴۵
۲۰:۳۹	۲۰:۳۷			۲۰:۳۱	۲۰:۲۹	۲۰:۲۷	۲۰:۲۵	۲۰:۲۳	۲۰:۲۱	۲۰:۱۹	۲۰:۱۷	۲۰:۱۵	۲۰:۱۳	۲۰:۱۱	۲۰:۰۹	۲۰:۰۷			۲۰:۰۰
۲۰:۵۴	۲۰:۵۲			۲۰:۴۶	۲۰:۴۴	۲۰:۴۲	۲۰:۴۰	۲۰:۳۸	۲۰:۳۶	۲۰:۳۴	۲۰:۳۲	۲۰:۳۰	۲۰:۲۸	۲۰:۲۶	۲۰:۲۴	۲۰:۲۲			۲۰:۱۵
۲۱:۰۹	۲۱:۰۷			۲۱:۰۱	۲۰:۵۹	۲۰:۵۷	۲۰:۵۵	۲۰:۵۳	۲۰:۵۱	۲۰:۴۹	۲۰:۴۷	۲۰:۴۵	۲۰:۴۳	۲۰:۴۱	۲۰:۳۹	۲۰:۳۷			۲۰:۳۰
۲۱:۲۴	۲۱:۲۲			۲۱:۱۶	۲۱:۱۴	۲۱:۱۲	۲۱:۱۰	۲۱:۰۸	۲۱:۰۶	۲۱:۰۴	۲۱:۰۲	۲۱:۰۰	۲۰:۵۸	۲۰:۵۶	۲۰:۵۴	۲۰:۵۲			۲۰:۴۵
۲۱:۳۹	۲۱:۳۷			۲۱:۳۱	۲۱:۲۹	۲۱:۲۷	۲۱:۲۵	۲۱:۲۳	۲۱:۲۱	۲۱:۱۹	۲۱:۱۷	۲۱:۱۵	۲۱:۱۳	۲۱:۱۱	۲۱:۰۹	۲۱:۰۷			۲۱:۰۰
۲۱:۵۴	۲۱:۵۲			۲۱:۴۶	۲۱:۴۴	۲۱:۴۲	۲۱:۴۰	۲۱:۳۸	۲۱:۳۶	۲۱:۳۴	۲۱:۳۲	۲۱:۳۰	۲۱:۲۸	۲۱:۲۶	۲۱:۲۴	۲۱:۲۲			۲۱:۱۵
۲۲:۰۹	۲۲:۰۷			۲۲:۰۱	۲۱:۵۹	۲۱:۵۷	۲۱:۵۵	۲۱:۵۳	۲۱:۵۱	۲۱:۴۹	۲۱:۴۷	۲۱:۴۵	۲۱:۴۳	۲۱:۴۱	۲۱:۳۹	۲۱:۳۷			۲۱:۳۰
۲۲:۲۴	۲۲:۲۲			۲۲:۱۶	۲۲:۱۴	۲۲:۱۲	۲۲:۱۰	۲۲:۰۸	۲۲:۰۶	۲۲:۰۴	۲۲:۰۲	۲۲:۰۰	۲۱:۵۸	۲۱:۵۶	۲۱:۵۴	۲۱:۵۲			۲۱:۴۵
۲۲:۳۹	۲۲:۳۷			۲۲:۳۱	۲۲:۲۹	۲۲:۲۷	۲۲:۲۵	۲۲:۲۳	۲۲:۲۱	۲۲:۱۹	۲۲:۱۷	۲۲:۱۵	۲۲:۱۳	۲۲:۱۱	۲۲:۰۹	۲۲:۰۷			۲۲:۰۰
Www.Metroisfahan.ir	@metroisfahan
